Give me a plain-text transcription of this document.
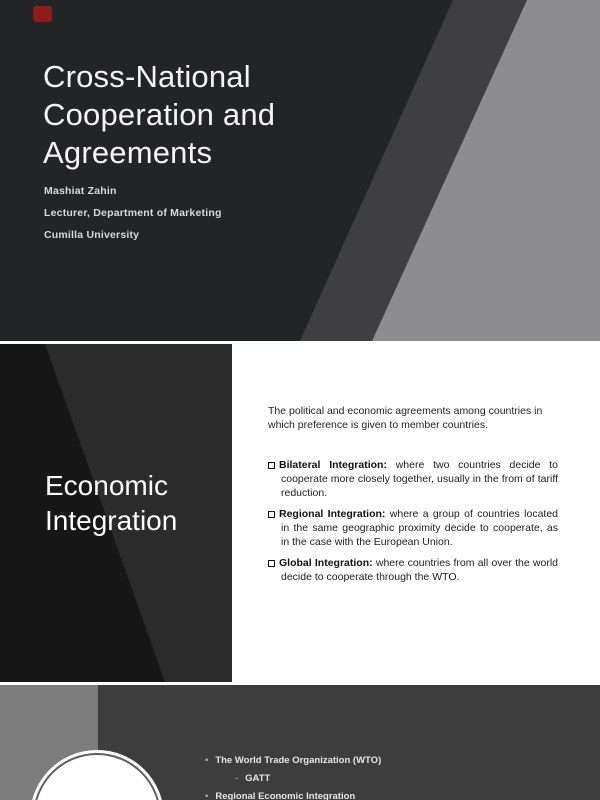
Cross-National Cooperation and Agreements

Mashiat Zahin

Lecturer, Department of Marketing

Cumilla University

Economic Integration

The political and economic agreements among countries in which preference is given to member countries.

Bilateral Integration: where two countries decide to cooperate more closely together, usually in the from of tariff reduction.
Regional Integration: where a group of countries located in the same geographic proximity decide to cooperate, as in the case with the European Union.
Global Integration: where countries from all over the world decide to cooperate through the WTO.
• The World Trade Organization (WTO)
- GATT
• Regional Economic Integration
